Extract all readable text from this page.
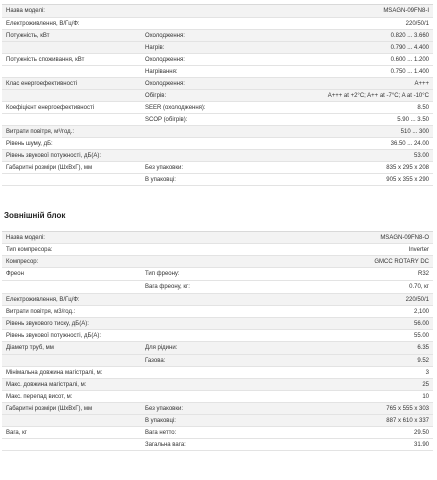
Назва моделі:	MSAGN-09FN8-I
Електроживлення, В/Гц/Ф:	220/50/1
Потужність, кВт	Охолодження:	0.820 ... 3.660
Нагрів:	0.790 ... 4.400
Потужність споживання, кВт	Охолодження:	0.600 ... 1.200
Нагрівання:	0.750 ... 1.400
Клас енергоефективності	Охолодження:	A+++
Обігрів:	A+++ at +2°C; A++ at -7°C; A at -10°C
Коефіцієнт енергоефективності	SEER (охолодження):	8.50
SCOP (обігрів):	5.90 ... 3.50
Витрати повітря, м³/год.:	510 ... 300
Рівень шуму, дБ:	36.50 ... 24.00
Рівень звукової потужності, дБ(A):	53.00
Габаритні розміри (ШхВхГ), мм	Без упаковки:	835 x 295 x 208
В упаковці:	905 x 355 x 290
Зовнішній блок
Назва моделі:	MSAGN-09FN8-O
Тип компресора:	Inverter
Компресор:	GMCC ROTARY DC
Фреон	Тип фреону:	R32
Вага фреону, кг:	0.70, кг
Електроживлення, В/Гц/Ф:	220/50/1
Витрати повітря, м3/год.:	2,100
Рівень звукового тиску, дБ(A):	56.00
Рівень звукової потужності, дБ(A):	55.00
Діаметр труб, мм	Для рідини:	6.35
Газова:	9.52
Мінімальна довжина магістралі, м:	3
Макс. довжина магістралі, м:	25
Макс. перепад висот, м:	10
Габаритні розміри (ШхВхГ), мм	Без упаковки:	765 x 555 x 303
В упаковці:	887 x 610 x 337
Вага, кг	Вага нетто:	29.50
Загальна вага:	31.90
